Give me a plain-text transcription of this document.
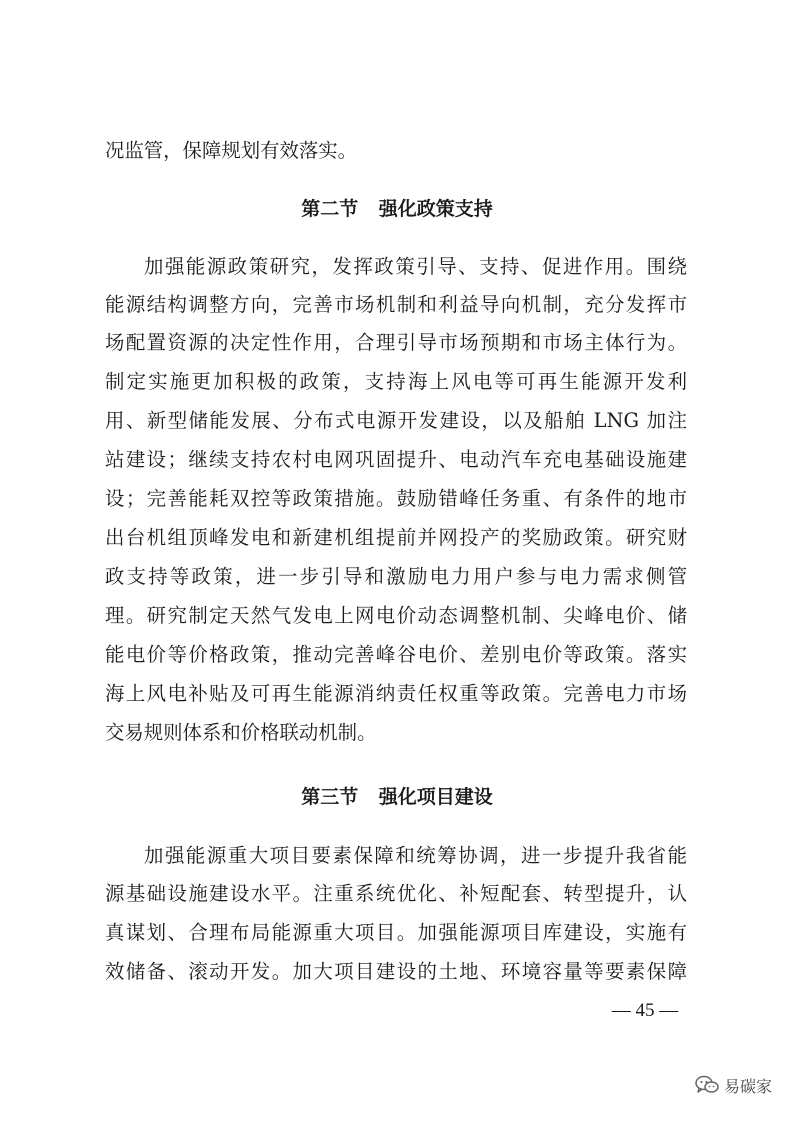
况监管，保障规划有效落实。
第二节 强化政策支持
加强能源政策研究，发挥政策引导、支持、促进作用。围绕
能源结构调整方向，完善市场机制和利益导向机制，充分发挥市
场配置资源的决定性作用，合理引导市场预期和市场主体行为。
制定实施更加积极的政策，支持海上风电等可再生能源开发利
用、新型储能发展、分布式电源开发建设，以及船舶 LNG 加注
站建设；继续支持农村电网巩固提升、电动汽车充电基础设施建
设；完善能耗双控等政策措施。鼓励错峰任务重、有条件的地市
出台机组顶峰发电和新建机组提前并网投产的奖励政策。研究财
政支持等政策，进一步引导和激励电力用户参与电力需求侧管
理。研究制定天然气发电上网电价动态调整机制、尖峰电价、储
能电价等价格政策，推动完善峰谷电价、差别电价等政策。落实
海上风电补贴及可再生能源消纳责任权重等政策。完善电力市场
交易规则体系和价格联动机制。
第三节 强化项目建设
加强能源重大项目要素保障和统筹协调，进一步提升我省能
源基础设施建设水平。注重系统优化、补短配套、转型提升，认
真谋划、合理布局能源重大项目。加强能源项目库建设，实施有
效储备、滚动开发。加大项目建设的土地、环境容量等要素保障
— 45 —
易碳家
